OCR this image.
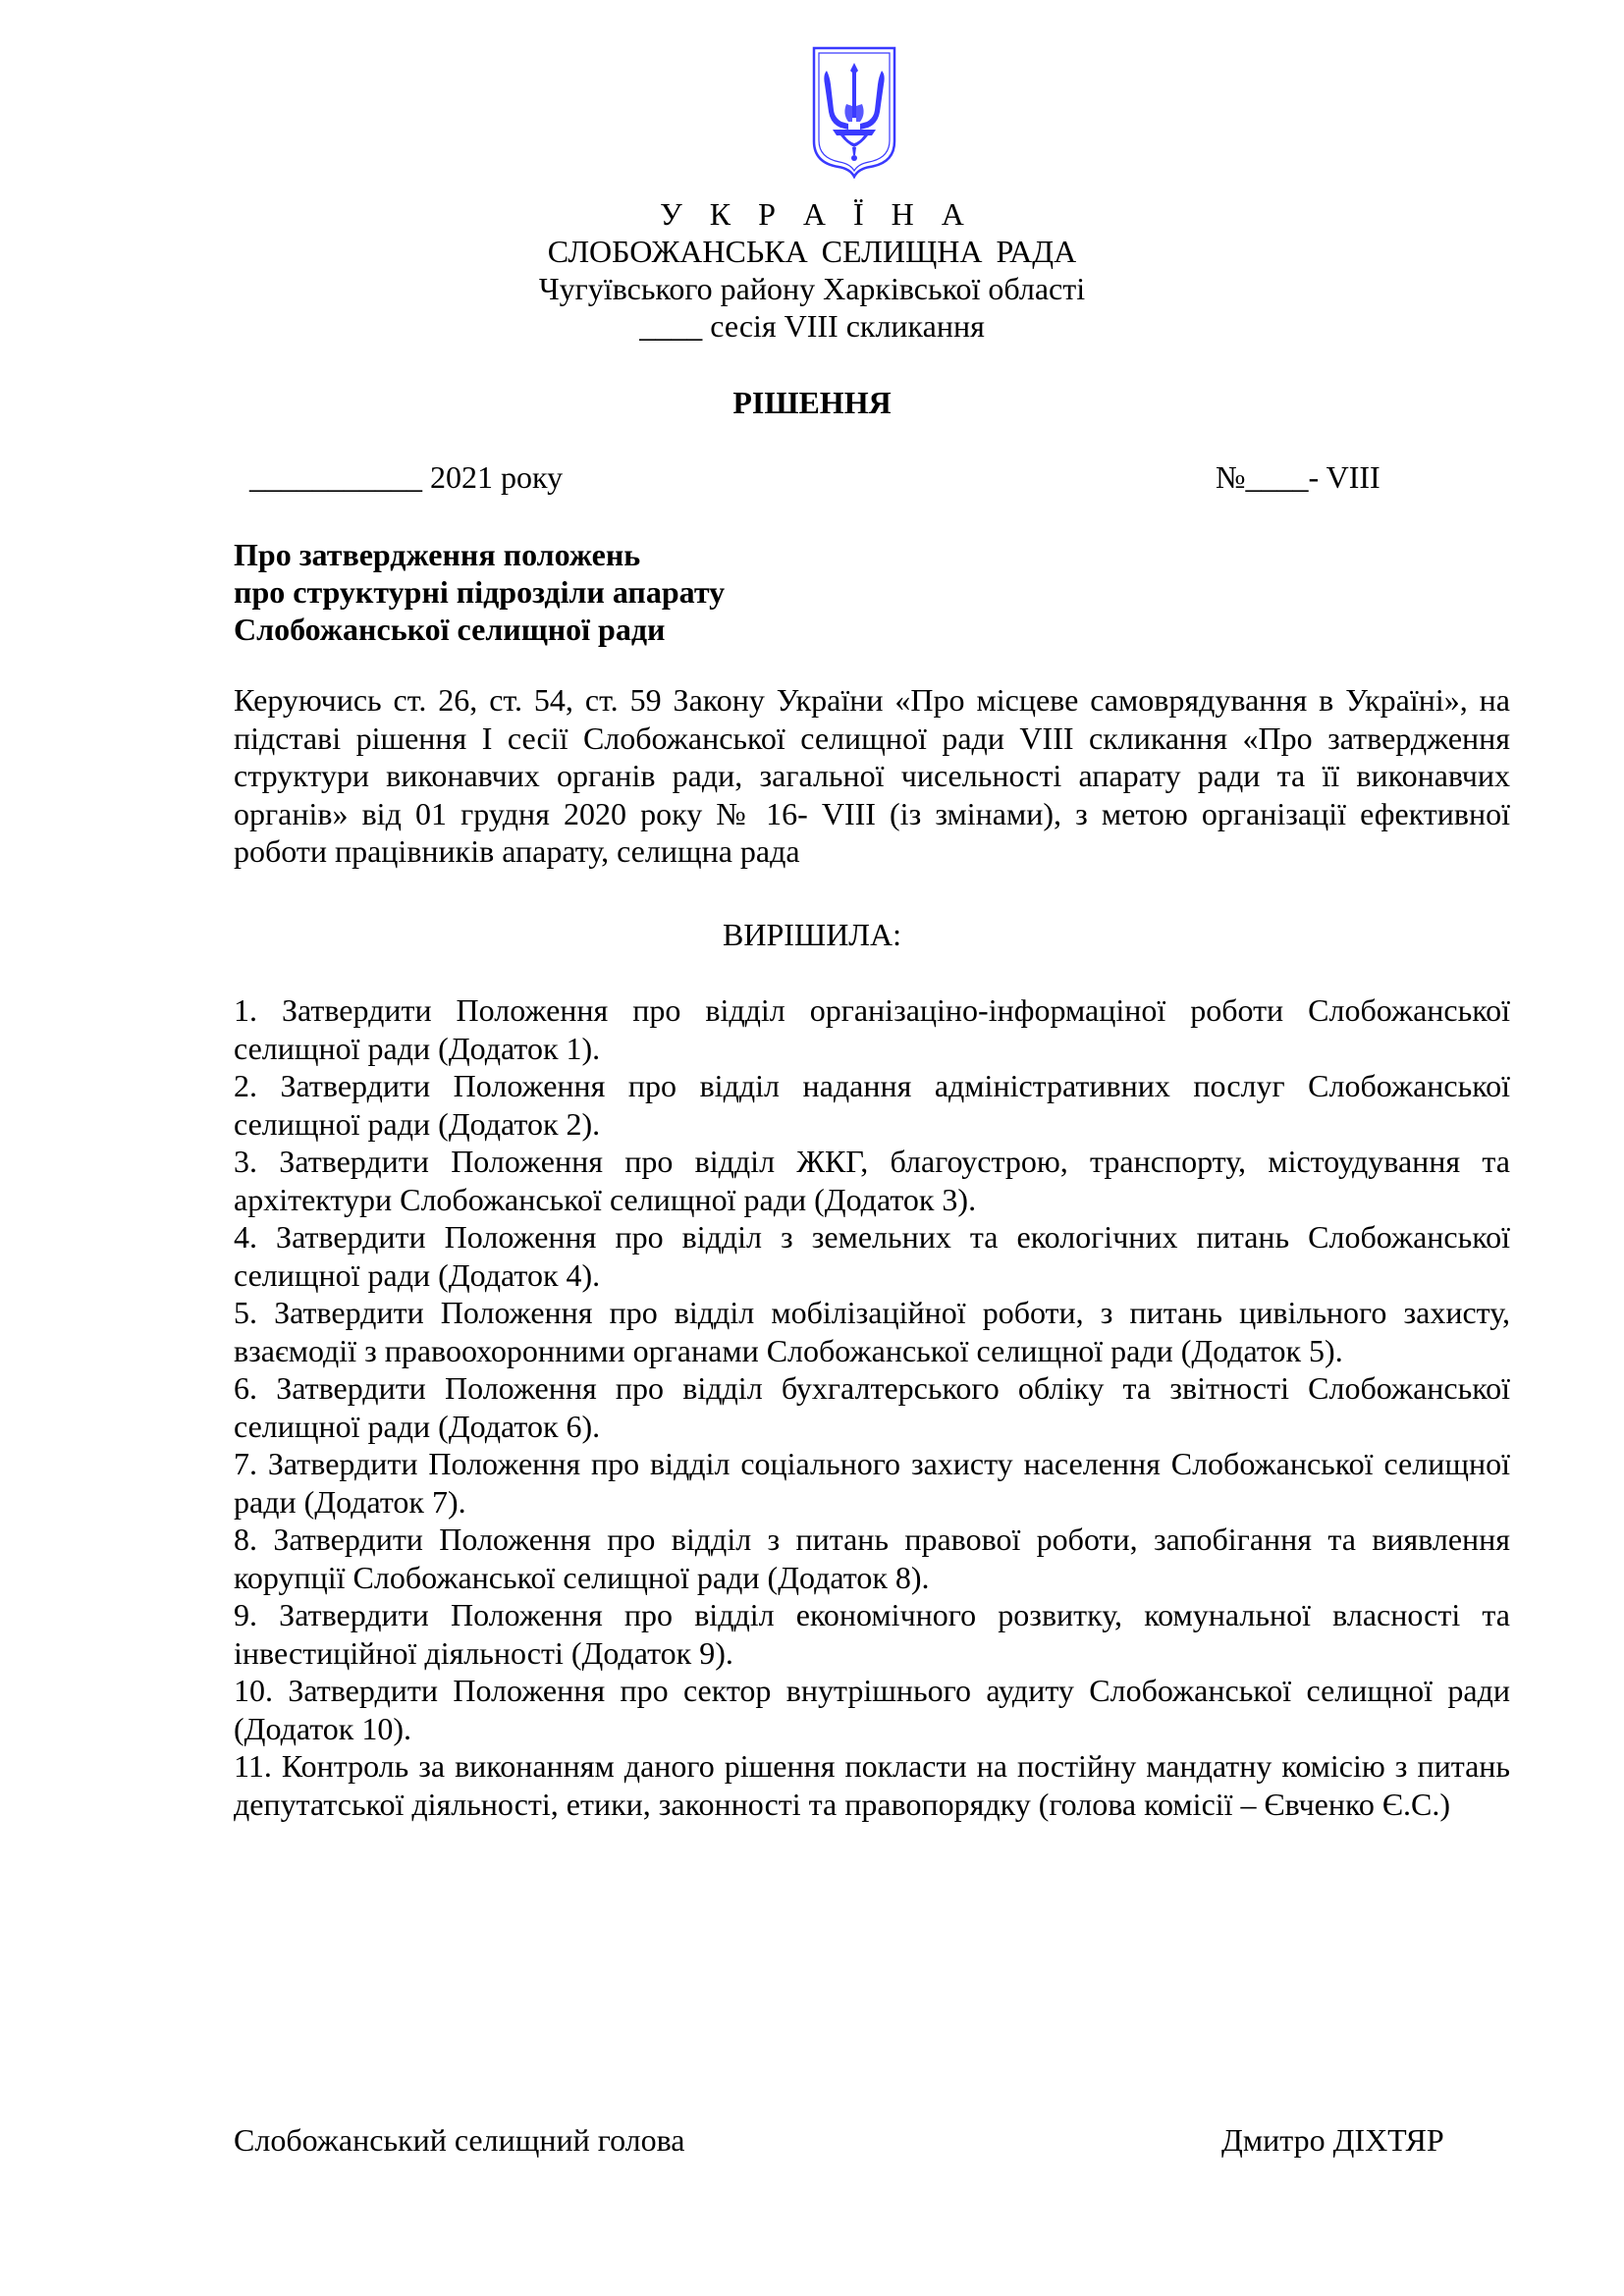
У К Р А Ї Н А
СЛОБОЖАНСЬКА СЕЛИЩНА РАДА
Чугуївського району Харківської області
____ сесія VIII скликання
РІШЕННЯ
___________ 2021 року	№____- VIII
Про затвердження положень
про структурні підрозділи апарату
Слобожанської селищної ради
Керуючись ст. 26, ст. 54, ст. 59 Закону України «Про місцеве самоврядування в Україні», на підставі рішення І сесії Слобожанської селищної ради VІІІ скликання «Про затвердження структури виконавчих органів ради, загальної чисельності апарату ради та її виконавчих органів» від 01 грудня 2020 року № 16- VIII (із змінами), з метою організації ефективної роботи працівників апарату, селищна рада
ВИРІШИЛА:
1. Затвердити Положення про відділ організаціно-інформаціної роботи Слобожанської селищної ради (Додаток 1).
2. Затвердити Положення про відділ надання адміністративних послуг Слобожанської селищної ради (Додаток 2).
3. Затвердити Положення про відділ ЖКГ, благоустрою, транспорту, містоудування та архітектури Слобожанської селищної ради (Додаток 3).
4. Затвердити Положення про відділ з земельних та екологічних питань Слобожанської селищної ради (Додаток 4).
5. Затвердити Положення про відділ мобілізаційної роботи, з питань цивільного захисту, взаємодії з правоохоронними органами Слобожанської селищної ради (Додаток 5).
6. Затвердити Положення про відділ бухгалтерського обліку та звітності Слобожанської селищної ради (Додаток 6).
7. Затвердити Положення про відділ соціального захисту населення Слобожанської селищної ради (Додаток 7).
8. Затвердити Положення про відділ з питань правової роботи, запобігання та виявлення корупції Слобожанської селищної ради (Додаток 8).
9. Затвердити Положення про відділ економічного розвитку, комунальної власності та інвестиційної діяльності (Додаток 9).
10. Затвердити Положення про сектор внутрішнього аудиту Слобожанської селищної ради (Додаток 10).
11. Контроль за виконанням даного рішення покласти на постійну мандатну комісію з питань депутатської діяльності, етики, законності та правопорядку (голова комісії – Євченко Є.С.)
Слобожанський селищний голова	Дмитро ДІХТЯР
